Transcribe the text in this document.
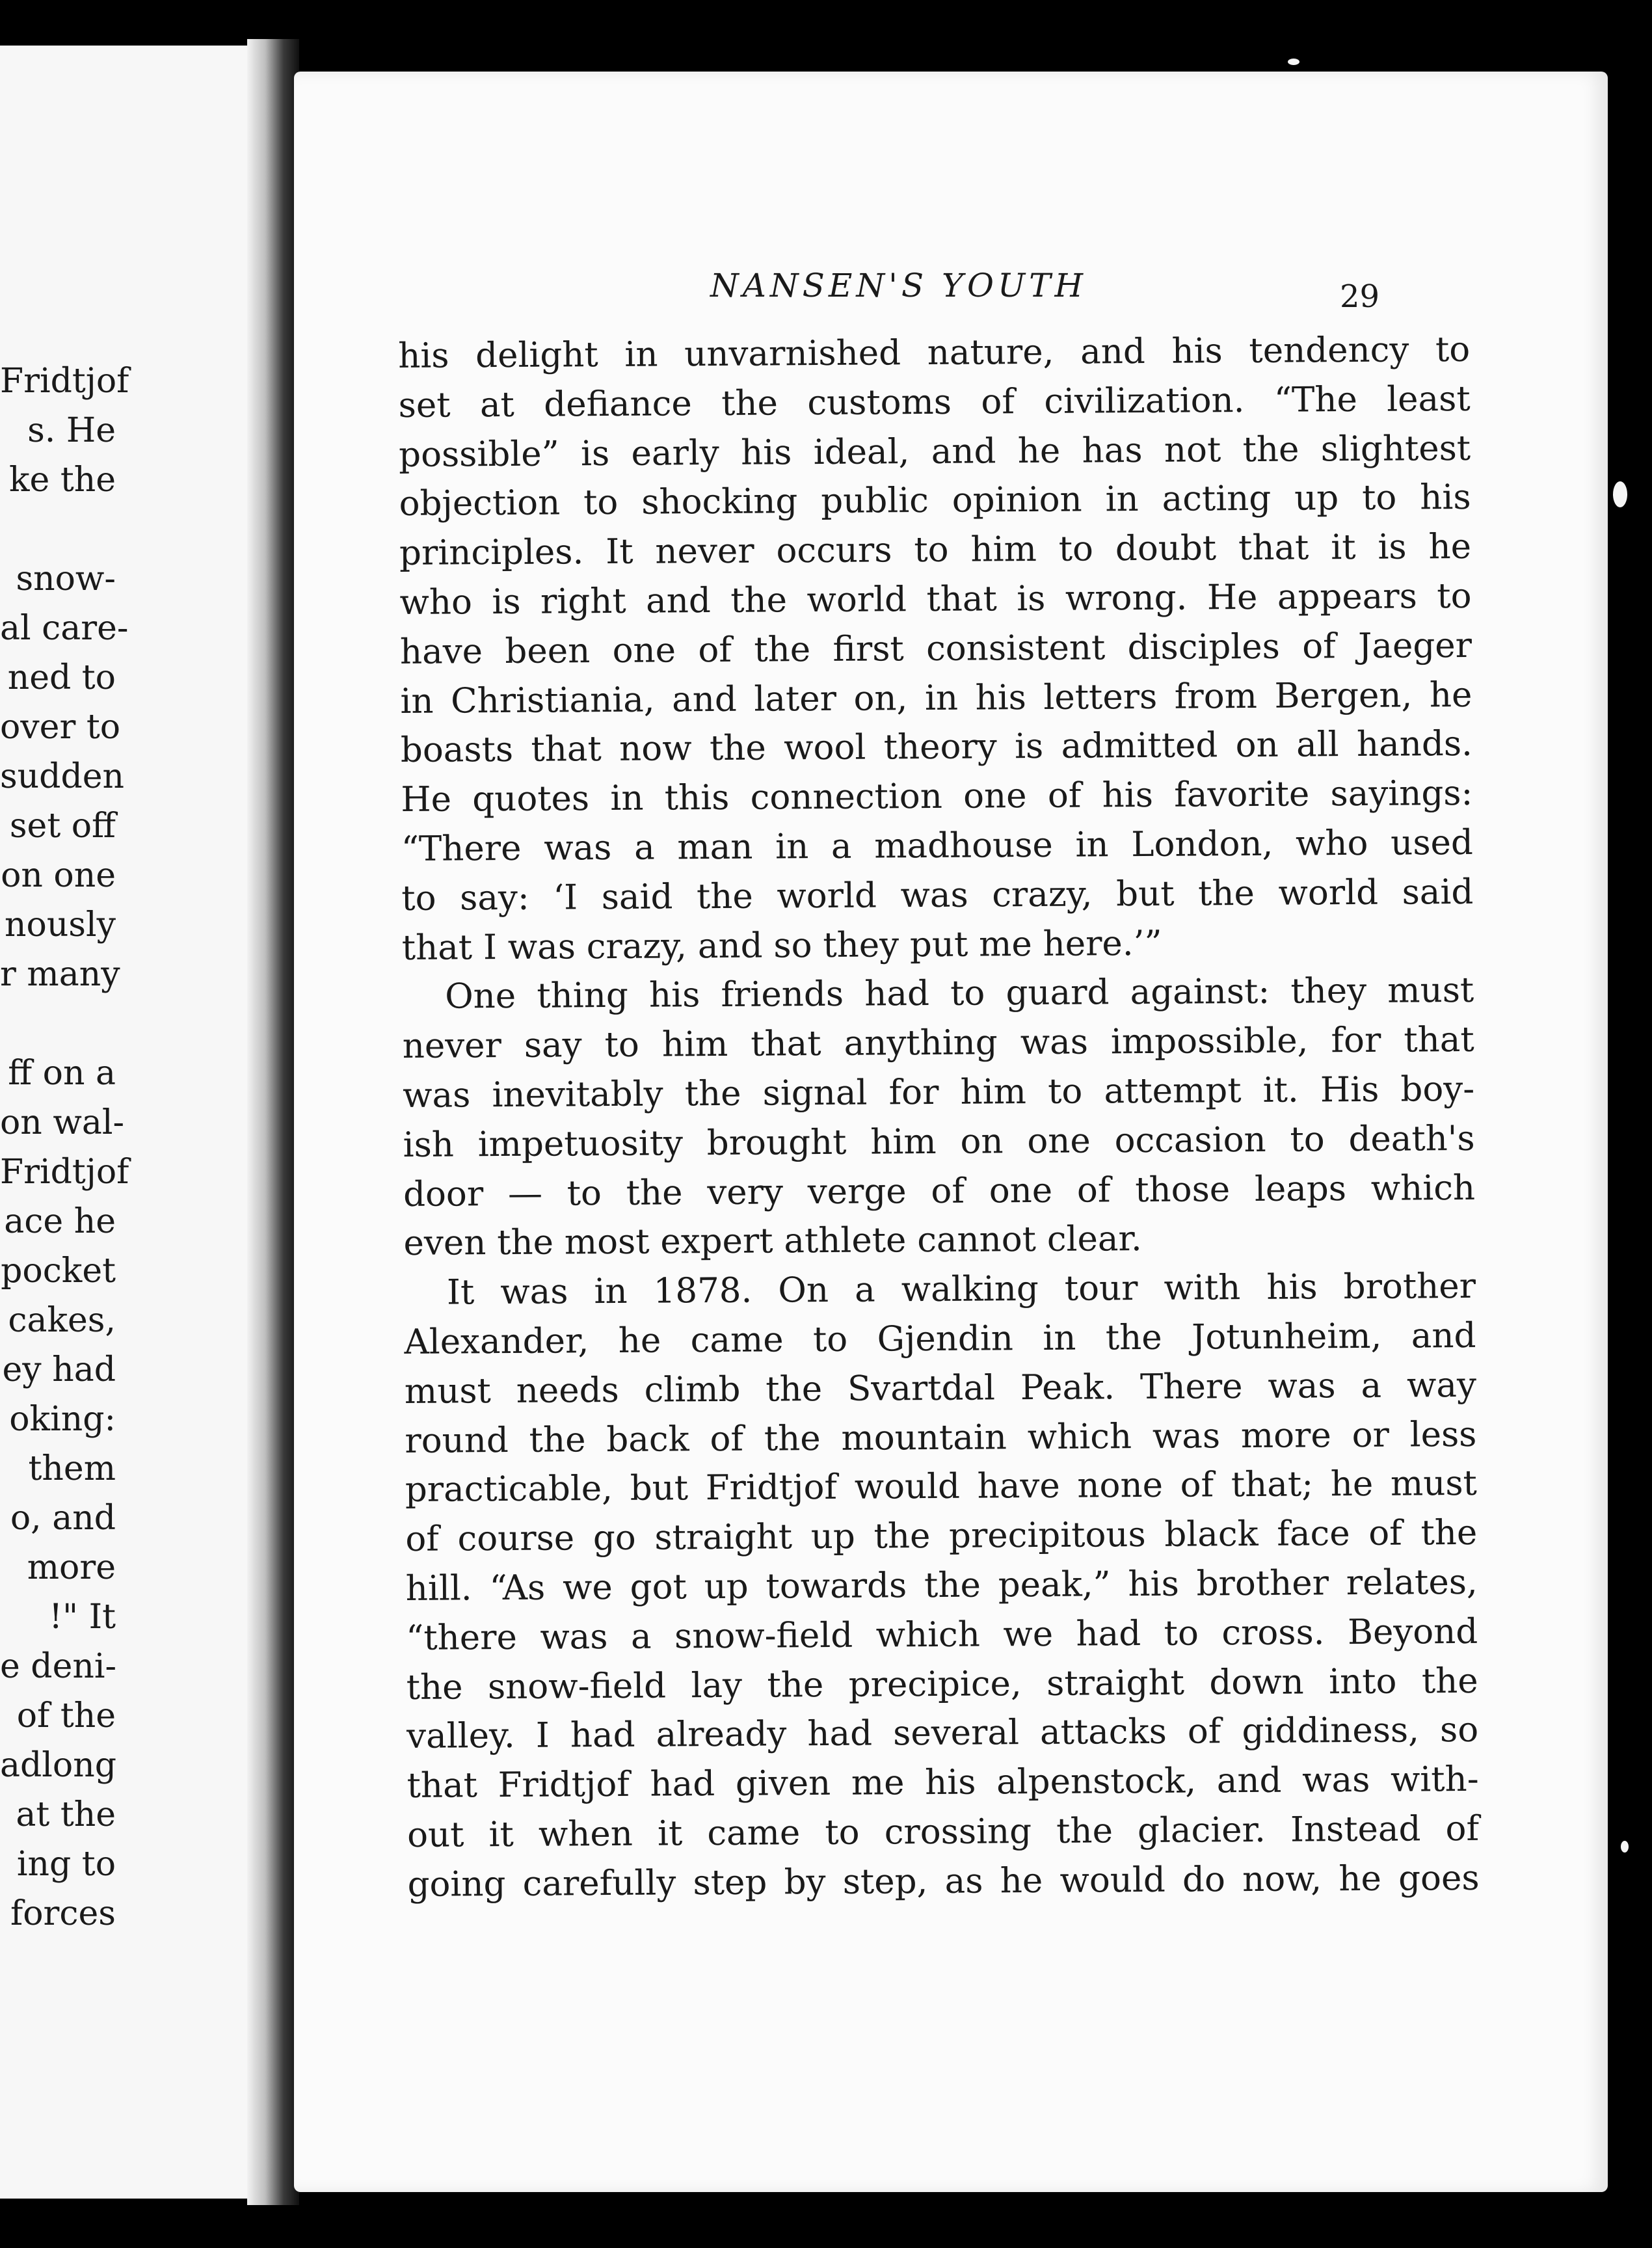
Fridtjof
s. He
ke the
snow-
al care-
ned to
over to
sudden
set off
on one
nously
r many
ff on a
on wal-
Fridtjof
ace he
pocket
cakes,
ey had
oking:
them
o, and
more
!" It
e deni-
of the
adlong
at the
ing to
forces
NANSEN'S YOUTH	29
his delight in unvarnished nature, and his tendency to
set at defiance the customs of civilization. “The least
possible” is early his ideal, and he has not the slightest
objection to shocking public opinion in acting up to his
principles. It never occurs to him to doubt that it is he
who is right and the world that is wrong. He appears to
have been one of the first consistent disciples of Jaeger
in Christiania, and later on, in his letters from Bergen, he
boasts that now the wool theory is admitted on all hands.
He quotes in this connection one of his favorite sayings:
“There was a man in a madhouse in London, who used
to say: ‘I said the world was crazy, but the world said
that I was crazy, and so they put me here.’”
One thing his friends had to guard against: they must
never say to him that anything was impossible, for that
was inevitably the signal for him to attempt it. His boy-
ish impetuosity brought him on one occasion to death's
door — to the very verge of one of those leaps which
even the most expert athlete cannot clear.
It was in 1878. On a walking tour with his brother
Alexander, he came to Gjendin in the Jotunheim, and
must needs climb the Svartdal Peak. There was a way
round the back of the mountain which was more or less
practicable, but Fridtjof would have none of that; he must
of course go straight up the precipitous black face of the
hill. “As we got up towards the peak,” his brother relates,
“there was a snow-field which we had to cross. Beyond
the snow-field lay the precipice, straight down into the
valley. I had already had several attacks of giddiness, so
that Fridtjof had given me his alpenstock, and was with-
out it when it came to crossing the glacier. Instead of
going carefully step by step, as he would do now, he goes
